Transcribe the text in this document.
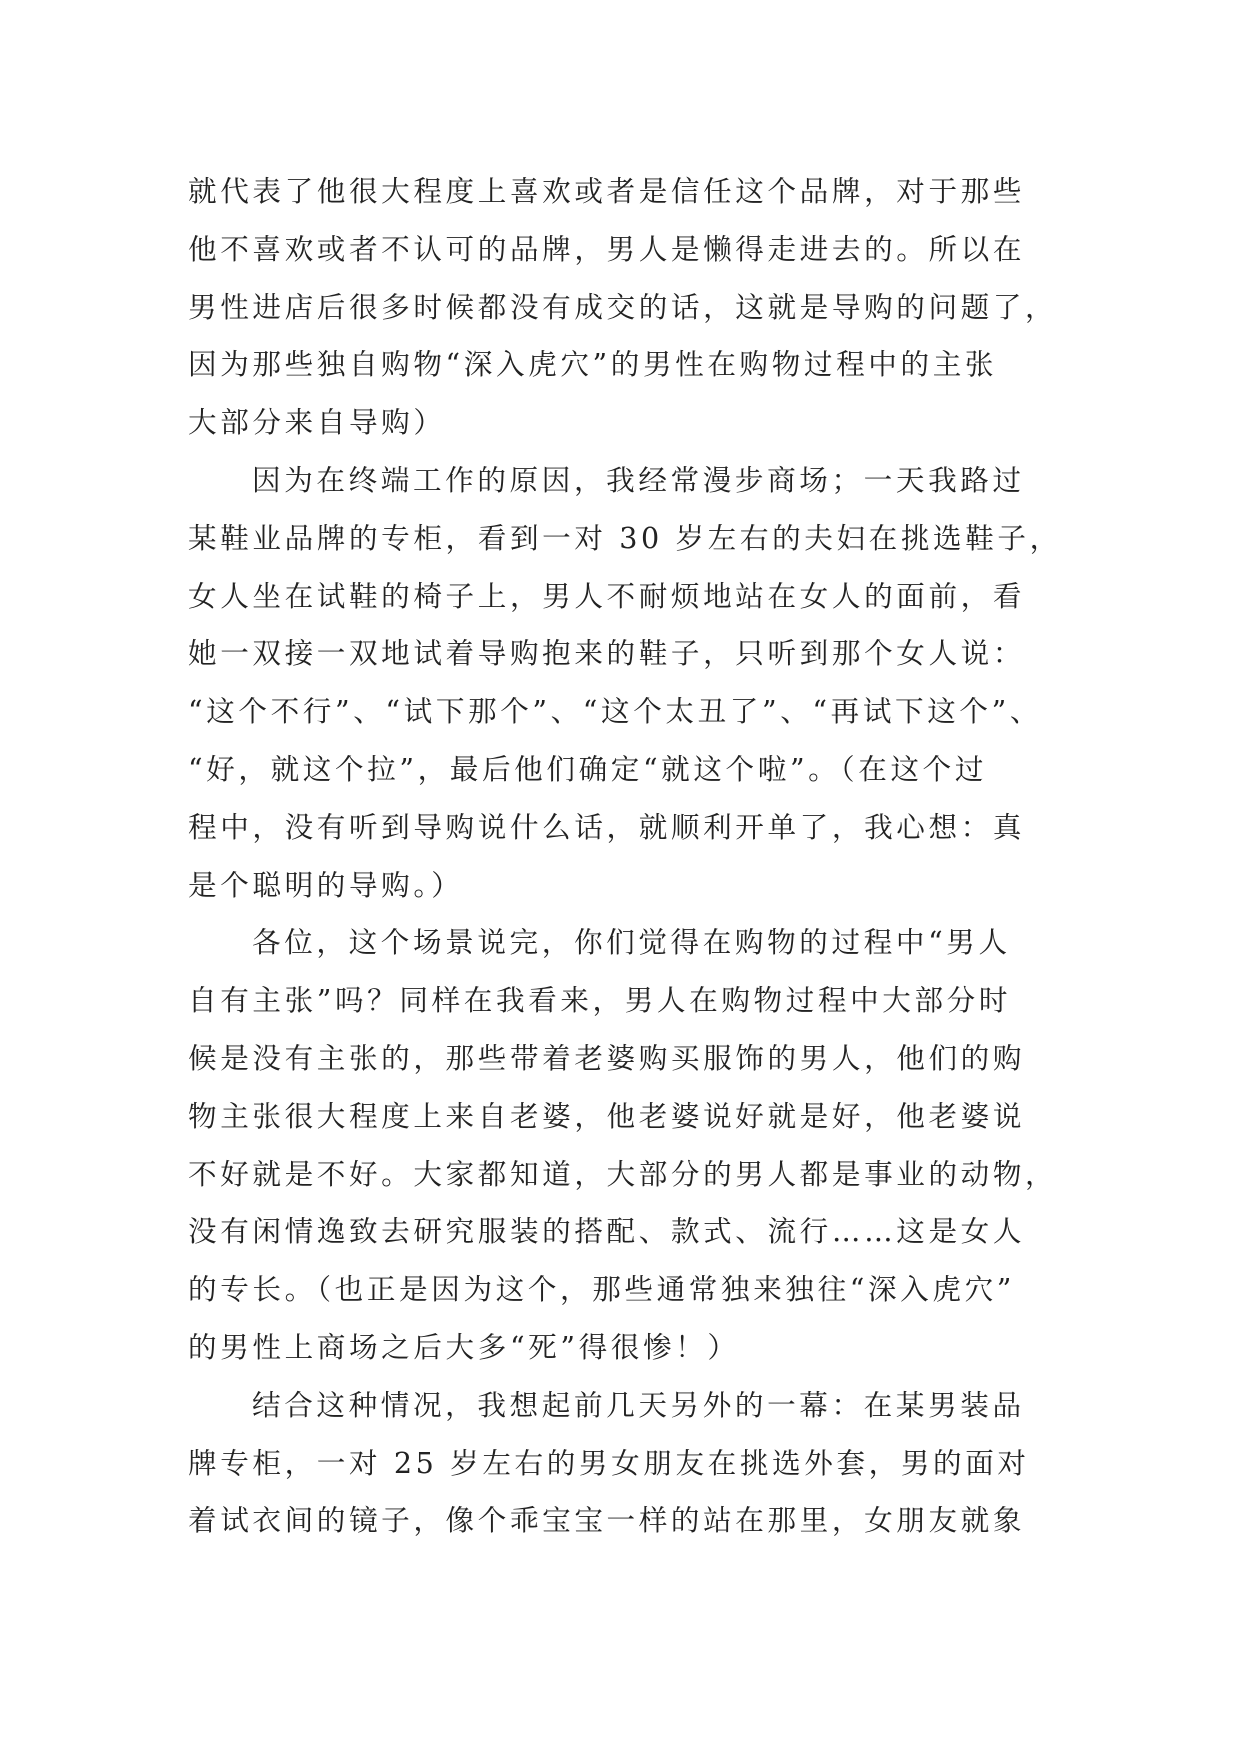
就代表了他很大程度上喜欢或者是信任这个品牌，对于那些
他不喜欢或者不认可的品牌，男人是懒得走进去的。所以在
男性进店后很多时候都没有成交的话，这就是导购的问题了，
因为那些独自购物“深入虎穴”的男性在购物过程中的主张
大部分来自导购）
因为在终端工作的原因，我经常漫步商场；一天我路过
某鞋业品牌的专柜，看到一对 30 岁左右的夫妇在挑选鞋子，
女人坐在试鞋的椅子上，男人不耐烦地站在女人的面前，看
她一双接一双地试着导购抱来的鞋子，只听到那个女人说：
“这个不行”、“试下那个”、“这个太丑了”、“再试下这个”、
“好，就这个拉”，最后他们确定“就这个啦”。（在这个过
程中，没有听到导购说什么话，就顺利开单了，我心想：真
是个聪明的导购。）
各位，这个场景说完，你们觉得在购物的过程中“男人
自有主张”吗？同样在我看来，男人在购物过程中大部分时
候是没有主张的，那些带着老婆购买服饰的男人，他们的购
物主张很大程度上来自老婆，他老婆说好就是好，他老婆说
不好就是不好。大家都知道，大部分的男人都是事业的动物，
没有闲情逸致去研究服装的搭配、款式、流行……这是女人
的专长。（也正是因为这个，那些通常独来独往“深入虎穴”
的男性上商场之后大多“死”得很惨！）
结合这种情况，我想起前几天另外的一幕：在某男装品
牌专柜，一对 25 岁左右的男女朋友在挑选外套，男的面对
着试衣间的镜子，像个乖宝宝一样的站在那里，女朋友就象
